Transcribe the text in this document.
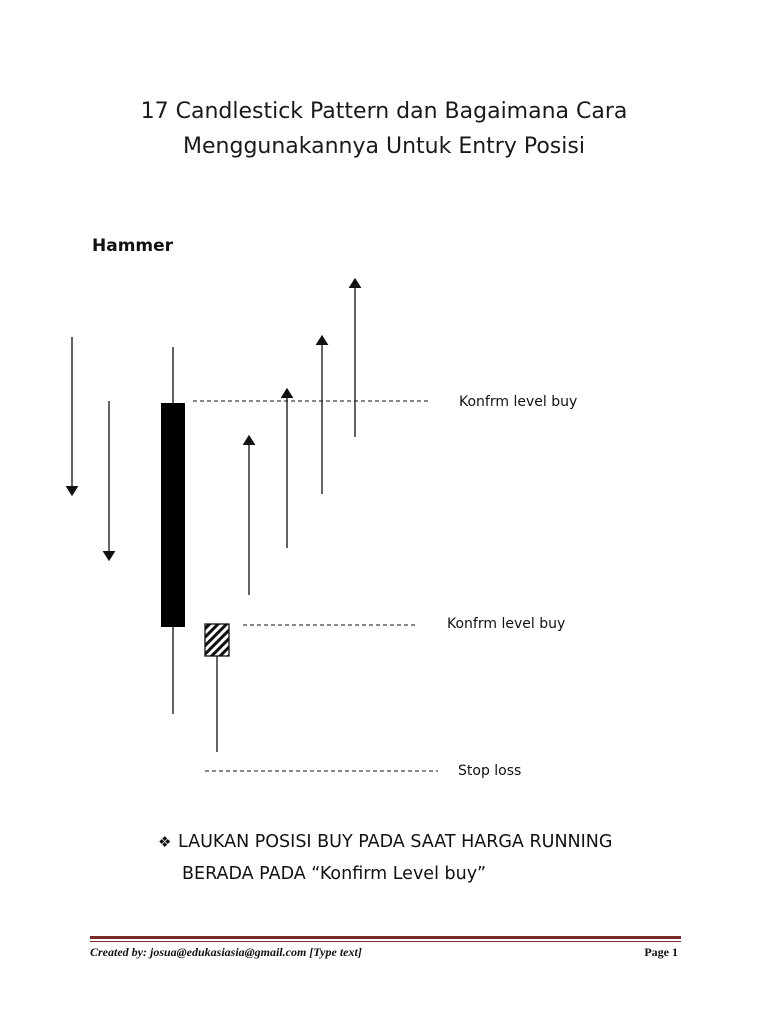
17 Candlestick Pattern dan Bagaimana Cara
Menggunakannya Untuk Entry Posisi
Hammer
Konfrm level buy
Konfrm level buy
Stop loss
❖ LAUKAN POSISI BUY PADA SAAT HARGA RUNNING
BERADA PADA “Konfirm Level buy”
Created by: josua@edukasiasia@gmail.com [Type text]	Page 1
